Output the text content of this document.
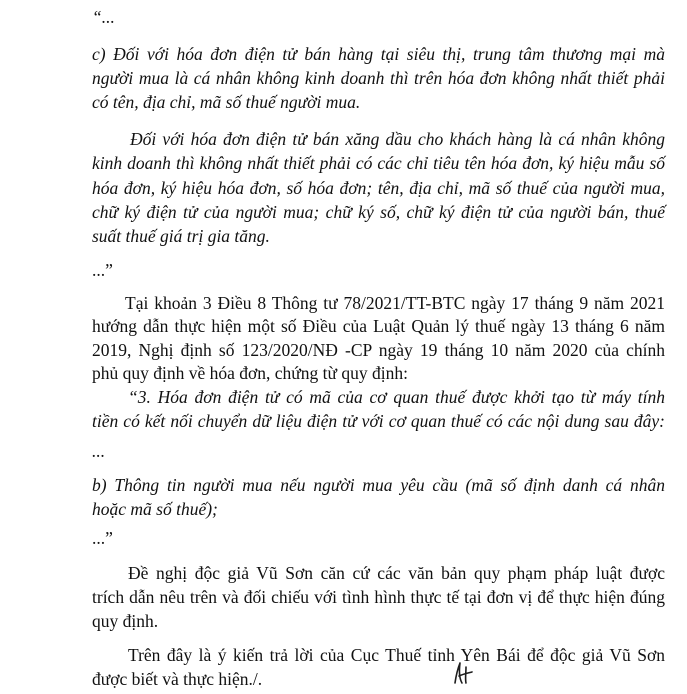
“...
c) Đối với hóa đơn điện tử bán hàng tại siêu thị, trung tâm thương mại mà
người mua là cá nhân không kinh doanh thì trên hóa đơn không nhất thiết phải
có tên, địa chỉ, mã số thuế người mua.
Đối với hóa đơn điện tử bán xăng dầu cho khách hàng là cá nhân không
kinh doanh thì không nhất thiết phải có các chỉ tiêu tên hóa đơn, ký hiệu mẫu số
hóa đơn, ký hiệu hóa đơn, số hóa đơn; tên, địa chỉ, mã số thuế của người mua,
chữ ký điện tử của người mua; chữ ký số, chữ ký điện tử của người bán, thuế
suất thuế giá trị gia tăng.
...”
Tại khoản 3 Điều 8 Thông tư 78/2021/TT-BTC ngày 17 tháng 9 năm 2021
hướng dẫn thực hiện một số Điều của Luật Quản lý thuế ngày 13 tháng 6 năm
2019, Nghị định số 123/2020/NĐ -CP ngày 19 tháng 10 năm 2020 của chính
phủ quy định về hóa đơn, chứng từ quy định:
“3. Hóa đơn điện tử có mã của cơ quan thuế được khởi tạo từ máy tính
tiền có kết nối chuyển dữ liệu điện tử với cơ quan thuế có các nội dung sau đây:
...
b) Thông tin người mua nếu người mua yêu cầu (mã số định danh cá nhân
hoặc mã số thuế);
...”
Đề nghị độc giả Vũ Sơn căn cứ các văn bản quy phạm pháp luật được
trích dẫn nêu trên và đối chiếu với tình hình thực tế tại đơn vị để thực hiện đúng
quy định.
Trên đây là ý kiến trả lời của Cục Thuế tỉnh Yên Bái để độc giả Vũ Sơn
được biết và thực hiện./.
